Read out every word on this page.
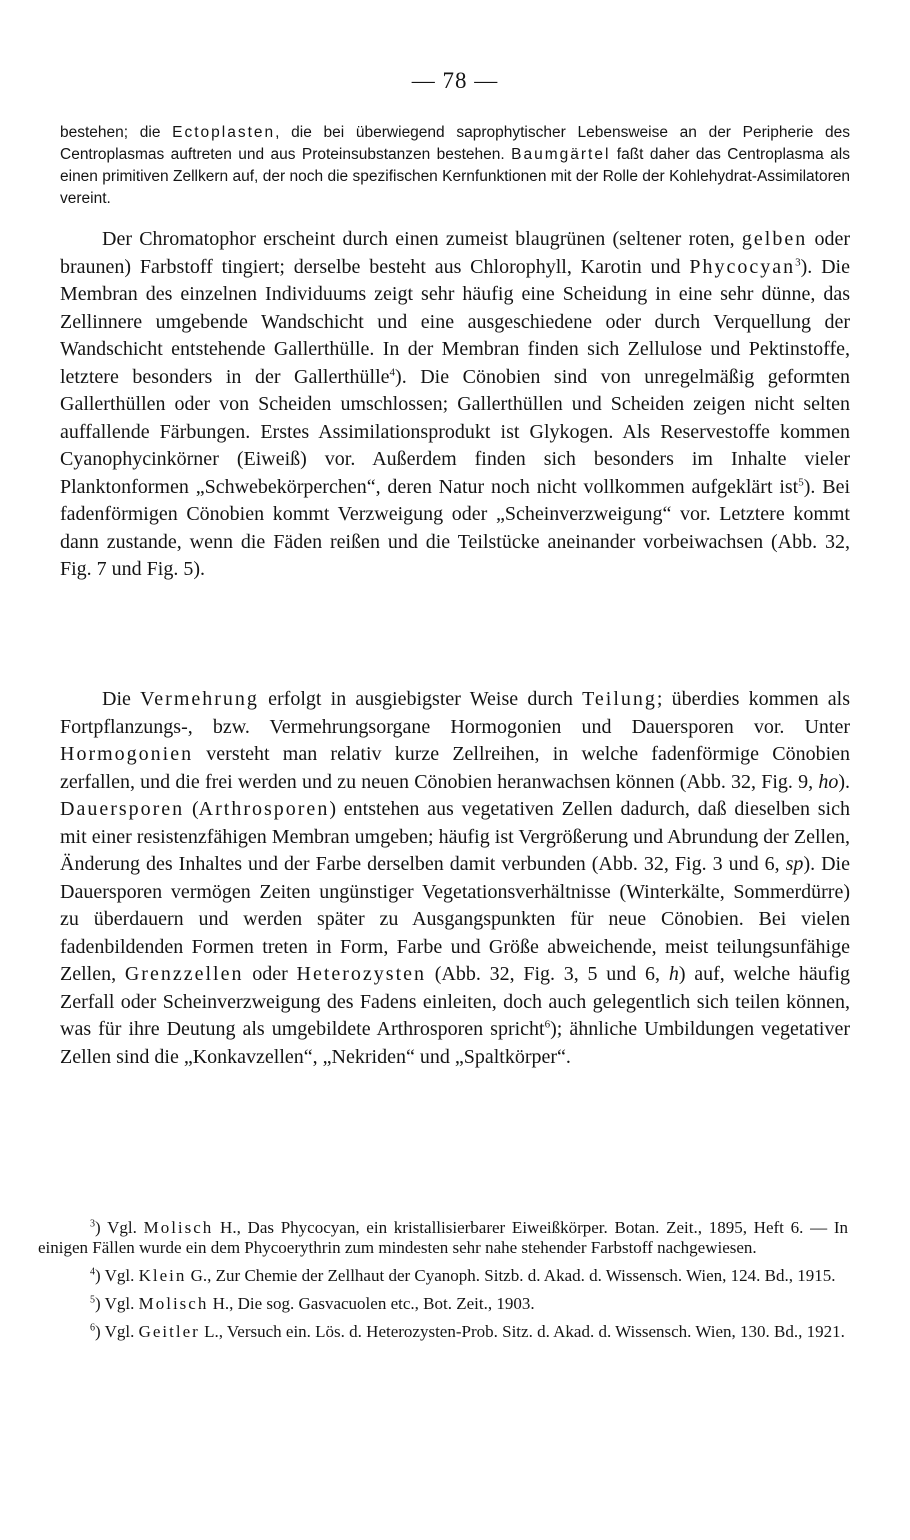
— 78 —
bestehen; die Ectoplasten, die bei überwiegend saprophytischer Lebensweise an der Peripherie des Centroplasmas auftreten und aus Proteinsubstanzen bestehen. Baumgärtel faßt daher das Centroplasma als einen primitiven Zellkern auf, der noch die spezifischen Kernfunktionen mit der Rolle der Kohlehydrat-Assimilatoren vereint.

Der Chromatophor erscheint durch einen zumeist blaugrünen (seltener roten, gelben oder braunen) Farbstoff tingiert; derselbe besteht aus Chlorophyll, Karotin und Phycocyan$^3$). Die Membran des einzelnen Individuums zeigt sehr häufig eine Scheidung in eine sehr dünne, das Zellinnere umgebende Wandschicht und eine ausgeschiedene oder durch Verquellung der Wandschicht entstehende Gallerthülle. In der Membran finden sich Zellulose und Pektinstoffe, letztere besonders in der Gallerthülle$^4$). Die Cönobien sind von unregelmäßig geformten Gallerthüllen oder von Scheiden umschlossen; Gallerthüllen und Scheiden zeigen nicht selten auffallende Färbungen. Erstes Assimilationsprodukt ist Glykogen. Als Reservestoffe kommen Cyanophycinkörner (Eiweiß) vor. Außerdem finden sich besonders im Inhalte vieler Planktonformen „Schwebekörperchen“, deren Natur noch nicht vollkommen aufgeklärt ist$^5$). Bei fadenförmigen Cönobien kommt Verzweigung oder „Scheinverzweigung“ vor. Letztere kommt dann zustande, wenn die Fäden reißen und die Teilstücke aneinander vorbeiwachsen (Abb. 32, Fig. 7 und Fig. 5).

Die Vermehrung erfolgt in ausgiebigster Weise durch Teilung; überdies kommen als Fortpflanzungs-, bzw. Vermehrungsorgane Hormogonien und Dauersporen vor. Unter Hormogonien versteht man relativ kurze Zellreihen, in welche fadenförmige Cönobien zerfallen, und die frei werden und zu neuen Cönobien heranwachsen können (Abb. 32, Fig. 9, ho). Dauersporen (Arthrosporen) entstehen aus vegetativen Zellen dadurch, daß dieselben sich mit einer resistenzfähigen Membran umgeben; häufig ist Vergrößerung und Abrundung der Zellen, Änderung des Inhaltes und der Farbe derselben damit verbunden (Abb. 32, Fig. 3 und 6, sp). Die Dauersporen vermögen Zeiten ungünstiger Vegetationsverhältnisse (Winterkälte, Sommerdürre) zu überdauern und werden später zu Ausgangspunkten für neue Cönobien. Bei vielen fadenbildenden Formen treten in Form, Farbe und Größe abweichende, meist teilungsunfähige Zellen, Grenzzellen oder Heterozysten (Abb. 32, Fig. 3, 5 und 6, h) auf, welche häufig Zerfall oder Scheinverzweigung des Fadens einleiten, doch auch gelegentlich sich teilen können, was für ihre Deutung als umgebildete Arthrosporen spricht$^6$); ähnliche Umbildungen vegetativer Zellen sind die „Konkavzellen“, „Nekriden“ und „Spaltkörper“.

$^3$) Vgl. Molisch H., Das Phycocyan, ein kristallisierbarer Eiweißkörper. Botan. Zeit., 1895, Heft 6. — In einigen Fällen wurde ein dem Phycoerythrin zum mindesten sehr nahe stehender Farbstoff nachgewiesen.

$^4$) Vgl. Klein G., Zur Chemie der Zellhaut der Cyanoph. Sitzb. d. Akad. d. Wissensch. Wien, 124. Bd., 1915.

$^5$) Vgl. Molisch H., Die sog. Gasvacuolen etc., Bot. Zeit., 1903.

$^6$) Vgl. Geitler L., Versuch ein. Lös. d. Heterozysten-Prob. Sitz. d. Akad. d. Wissensch. Wien, 130. Bd., 1921.
